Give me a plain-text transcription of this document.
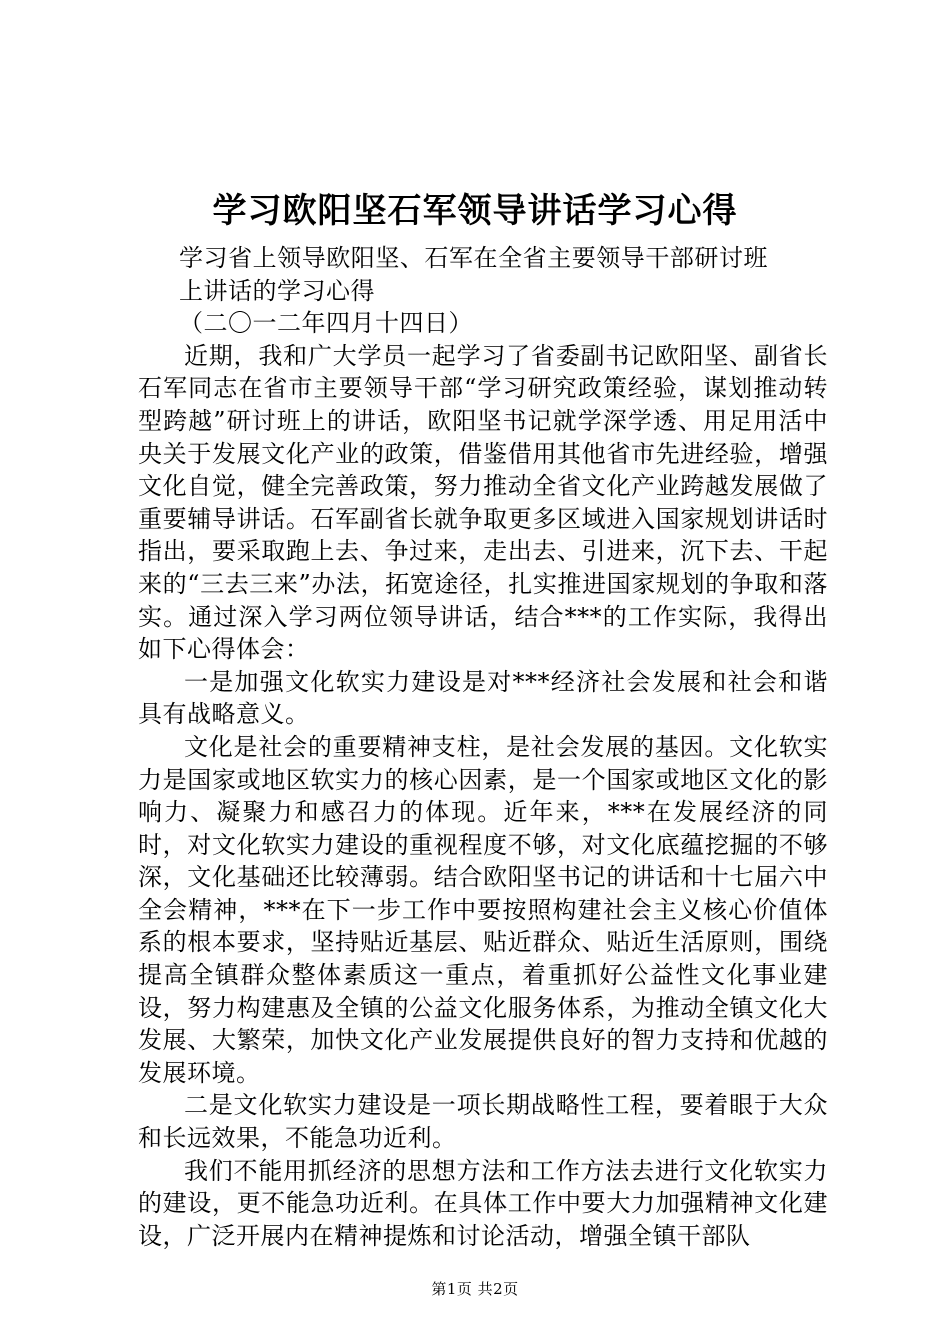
学习欧阳坚石军领导讲话学习心得

学习省上领导欧阳坚、石军在全省主要领导干部研讨班上讲话的学习心得

（二〇一二年四月十四日）

近期，我和广大学员一起学习了省委副书记欧阳坚、副省长石军同志在省市主要领导干部“学习研究政策经验，谋划推动转型跨越”研讨班上的讲话，欧阳坚书记就学深学透、用足用活中央关于发展文化产业的政策，借鉴借用其他省市先进经验，增强文化自觉，健全完善政策，努力推动全省文化产业跨越发展做了重要辅导讲话。石军副省长就争取更多区域进入国家规划讲话时指出，要采取跑上去、争过来，走出去、引进来，沉下去、干起来的“三去三来”办法，拓宽途径，扎实推进国家规划的争取和落实。通过深入学习两位领导讲话，结合***的工作实际，我得出如下心得体会：

一是加强文化软实力建设是对***经济社会发展和社会和谐具有战略意义。

文化是社会的重要精神支柱，是社会发展的基因。文化软实力是国家或地区软实力的核心因素，是一个国家或地区文化的影响力、凝聚力和感召力的体现。近年来，***在发展经济的同时，对文化软实力建设的重视程度不够，对文化底蕴挖掘的不够深，文化基础还比较薄弱。结合欧阳坚书记的讲话和十七届六中全会精神，***在下一步工作中要按照构建社会主义核心价值体系的根本要求，坚持贴近基层、贴近群众、贴近生活原则，围绕提高全镇群众整体素质这一重点，着重抓好公益性文化事业建设，努力构建惠及全镇的公益文化服务体系，为推动全镇文化大发展、大繁荣，加快文化产业发展提供良好的智力支持和优越的发展环境。

二是文化软实力建设是一项长期战略性工程，要着眼于大众和长远效果，不能急功近利。

我们不能用抓经济的思想方法和工作方法去进行文化软实力的建设，更不能急功近利。在具体工作中要大力加强精神文化建设，广泛开展内在精神提炼和讨论活动，增强全镇干部队

第1页 共2页
